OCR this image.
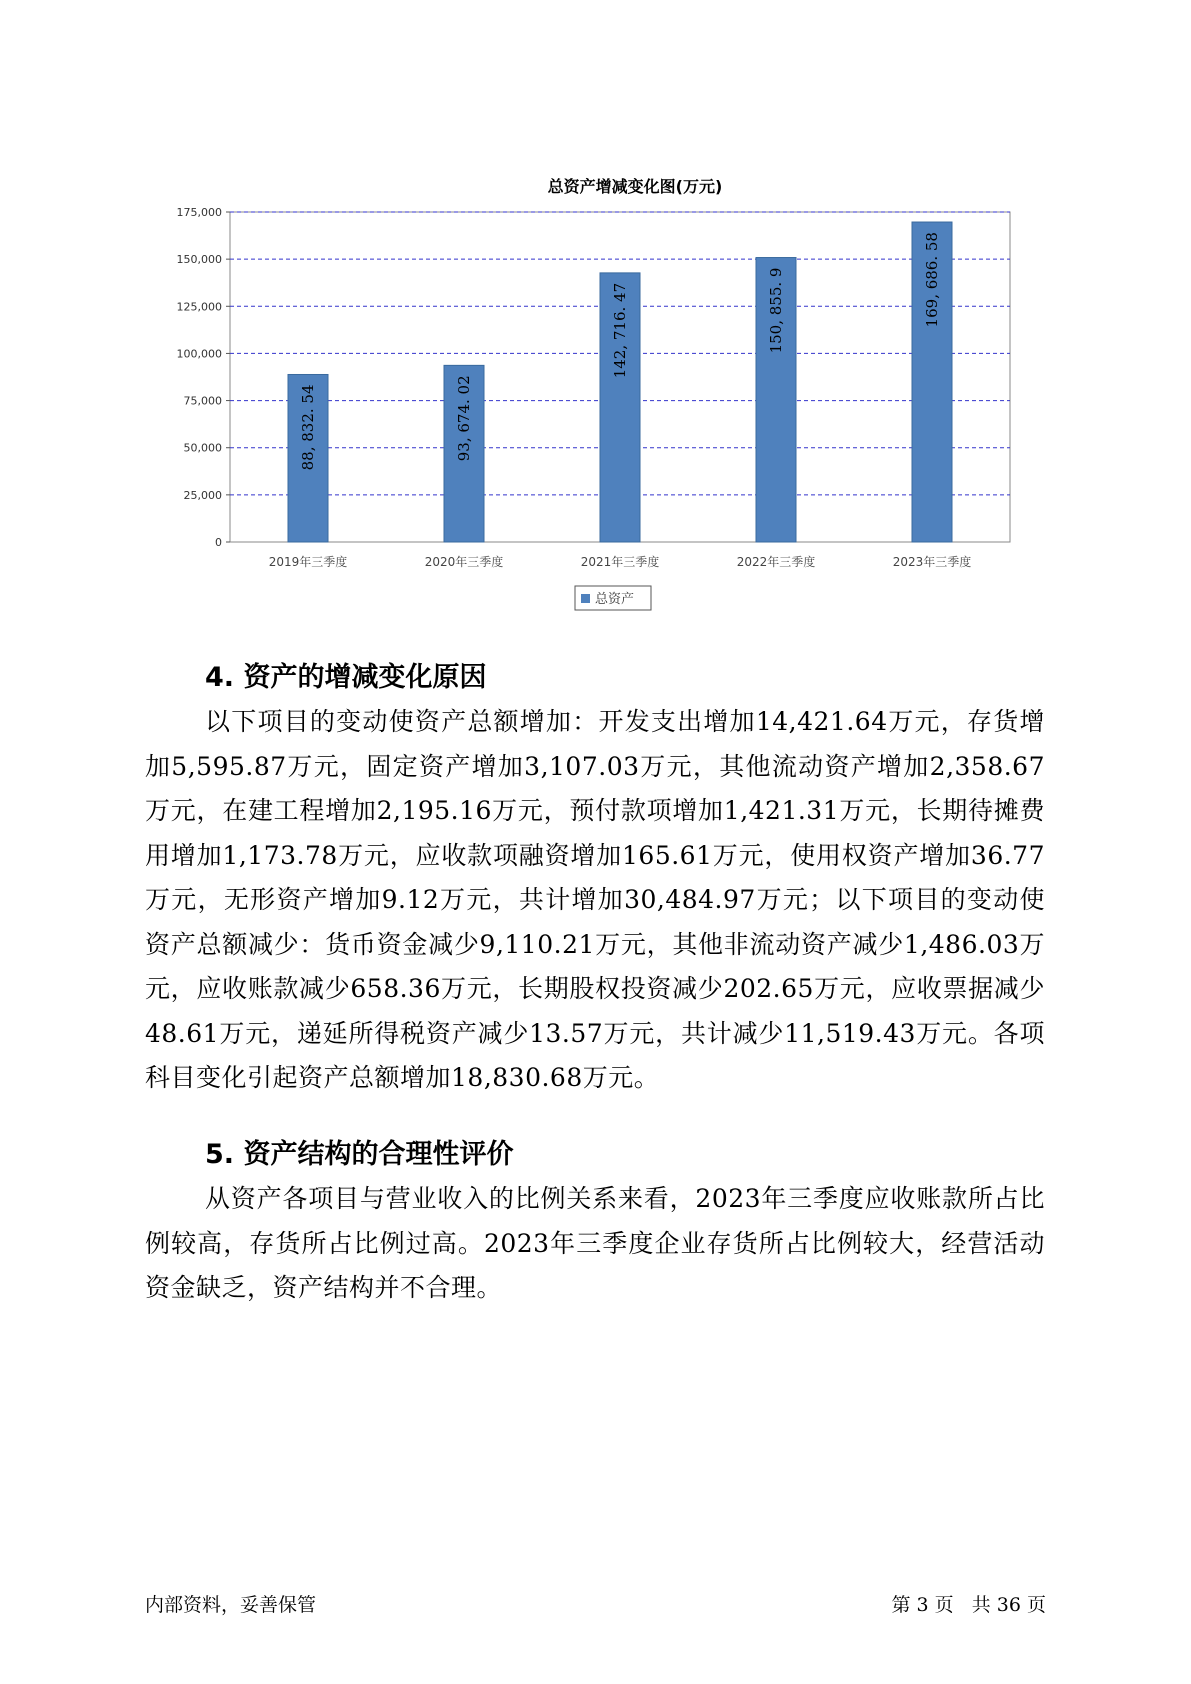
总资产增减变化图(万元)
0
25,000
50,000
75,000
100,000
125,000
150,000
175,000
88, 832. 54
2019年三季度
93, 674. 02
2020年三季度
142, 716. 47
2021年三季度
150, 855. 9
2022年三季度
169, 686. 58
2023年三季度
总资产
4. 资产的增减变化原因

以下项目的变动使资产总额增加：开发支出增加14,421.64万元，存货增加5,595.87万元，固定资产增加3,107.03万元，其他流动资产增加2,358.67万元，在建工程增加2,195.16万元，预付款项增加1,421.31万元，长期待摊费用增加1,173.78万元，应收款项融资增加165.61万元，使用权资产增加36.77万元，无形资产增加9.12万元，共计增加30,484.97万元；以下项目的变动使资产总额减少：货币资金减少9,110.21万元，其他非流动资产减少1,486.03万元，应收账款减少658.36万元，长期股权投资减少202.65万元，应收票据减少48.61万元，递延所得税资产减少13.57万元，共计减少11,519.43万元。各项科目变化引起资产总额增加18,830.68万元。

5. 资产结构的合理性评价

从资产各项目与营业收入的比例关系来看，2023年三季度应收账款所占比例较高，存货所占比例过高。2023年三季度企业存货所占比例较大，经营活动资金缺乏，资产结构并不合理。

内部资料，妥善保管	第 3 页   共 36 页
